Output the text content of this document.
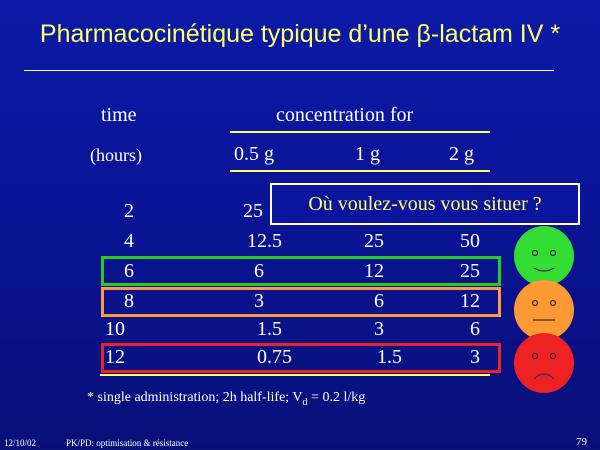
Pharmacocinétique typique d’une β-lactam IV *
time	concentration for
(hours)	0.5 g	1 g	2 g
2	25
4	12.5	25	50
6	6	12	25
8	3	6	12
10	1.5	3	6
12	0.75	1.5	3
Où voulez-vous vous situer ?
* single administration; 2h half-life; $V_d = 0.2$ l/kg
12/10/02	PK/PD: optimisation & résistance	79
